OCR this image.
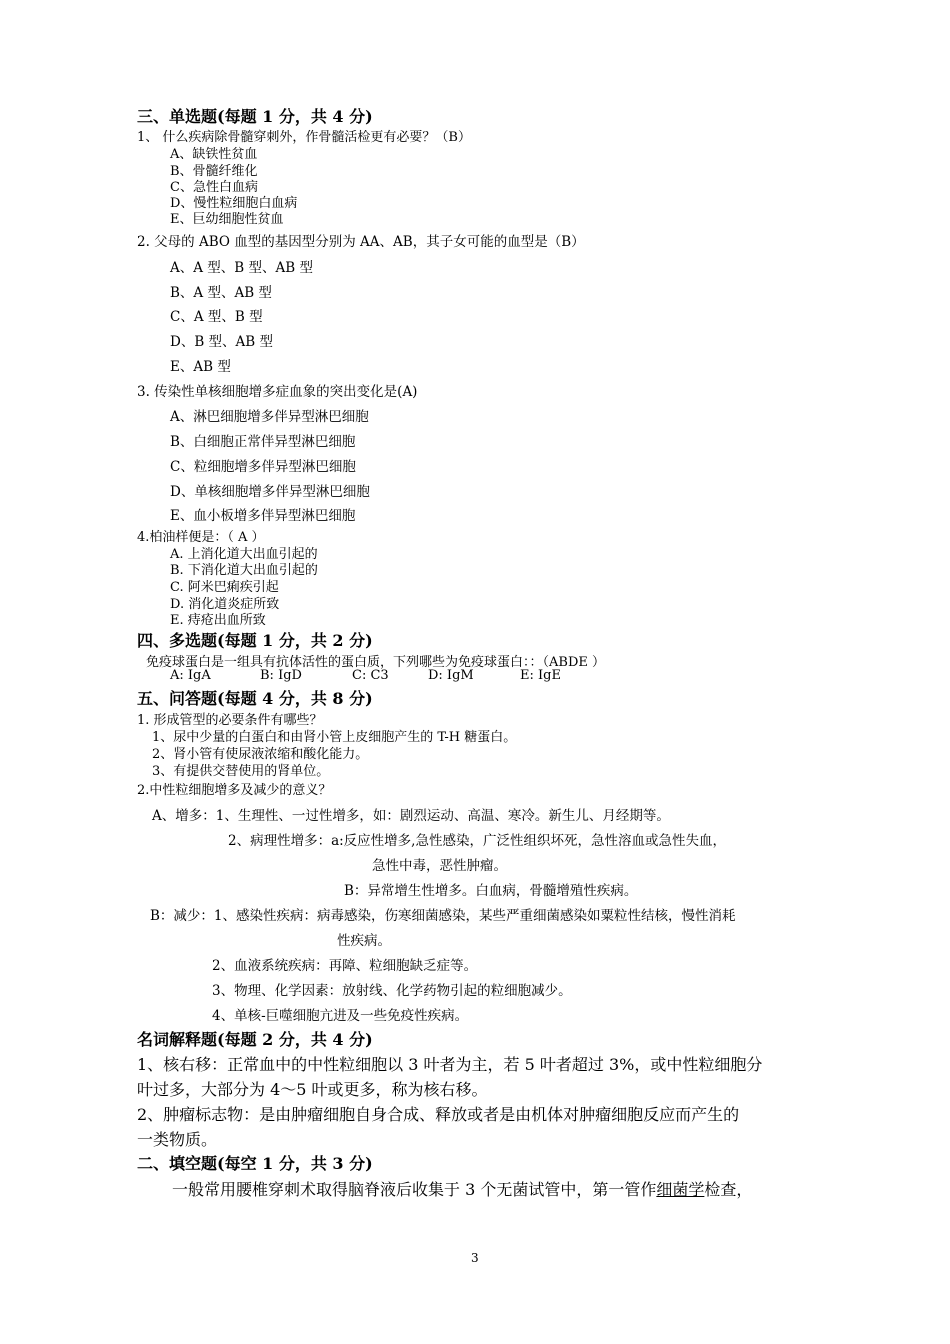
三、单选题(每题 1 分，共 4 分)
1、 什么疾病除骨髓穿刺外，作骨髓活检更有必要？（B）
A、缺铁性贫血
B、骨髓纤维化
C、急性白血病
D、慢性粒细胞白血病
E、巨幼细胞性贫血
2. 父母的 ABO 血型的基因型分别为 AA、AB，其子女可能的血型是（B）
A、A 型、B 型、AB 型
B、A 型、AB 型
C、A 型、B 型
D、B 型、AB 型
E、AB 型
3. 传染性单核细胞增多症血象的突出变化是(A)
A、淋巴细胞增多伴异型淋巴细胞
B、白细胞正常伴异型淋巴细胞
C、粒细胞增多伴异型淋巴细胞
D、单核细胞增多伴异型淋巴细胞
E、血小板增多伴异型淋巴细胞
4.柏油样便是：（ A ）
A. 上消化道大出血引起的
B. 下消化道大出血引起的
C. 阿米巴痢疾引起
D. 消化道炎症所致
E. 痔疮出血所致
四、多选题(每题 1 分，共 2 分)
免疫球蛋白是一组具有抗体活性的蛋白质，下列哪些为免疫球蛋白：：（ABDE ）
A: IgA	B: IgD	C: C3	D: IgM	E: IgE
五、问答题(每题 4 分，共 8 分)
1. 形成管型的必要条件有哪些？
1、尿中少量的白蛋白和由肾小管上皮细胞产生的 T-H 糖蛋白。
2、肾小管有使尿液浓缩和酸化能力。
3、有提供交替使用的肾单位。
2.中性粒细胞增多及减少的意义？
A、增多：1、生理性、一过性增多，如：剧烈运动、高温、寒冷。新生儿、月经期等。
2、病理性增多：a:反应性增多,急性感染，广泛性组织坏死，急性溶血或急性失血，
急性中毒，恶性肿瘤。
B：异常增生性增多。白血病，骨髓增殖性疾病。
B：减少：1、感染性疾病：病毒感染，伤寒细菌感染，某些严重细菌感染如粟粒性结核，慢性消耗
性疾病。
2、血液系统疾病：再障、粒细胞缺乏症等。
3、物理、化学因素：放射线、化学药物引起的粒细胞减少。
4、单核-巨噬细胞亢进及一些免疫性疾病。
名词解释题(每题 2 分，共 4 分)
1、核右移：正常血中的中性粒细胞以 3 叶者为主，若 5 叶者超过 3%，或中性粒细胞分
叶过多，大部分为 4～5 叶或更多，称为核右移。
2、肿瘤标志物：是由肿瘤细胞自身合成、释放或者是由机体对肿瘤细胞反应而产生的
一类物质。
二、填空题(每空 1 分，共 3 分)
一般常用腰椎穿刺术取得脑脊液后收集于 3 个无菌试管中，第一管作细菌学检查，
3
